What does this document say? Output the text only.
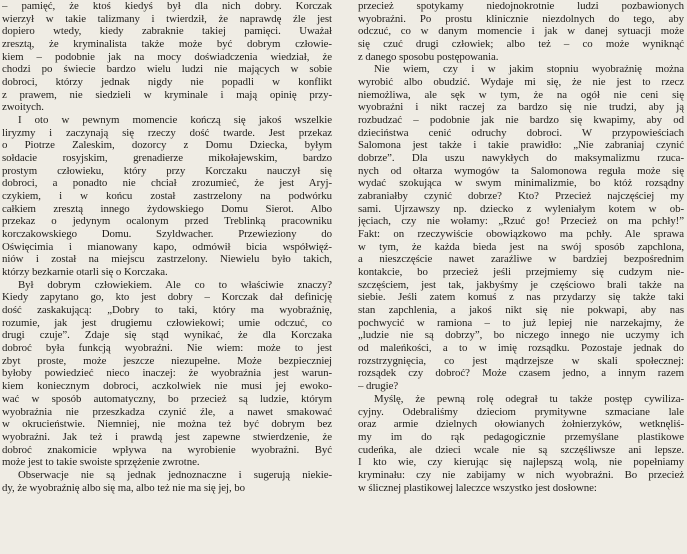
– pamięć, że ktoś kiedyś był dla nich dobry. Korczak
wierzył w takie talizmany i twierdził, że naprawdę źle jest
dopiero wtedy, kiedy zabraknie takiej pamięci. Uważał
zresztą, że kryminalista także może być dobrym człowie-
kiem – podobnie jak na mocy doświadczenia wiedział, że
chodzi po świecie bardzo wielu ludzi nie mających w sobie
dobroci, którzy jednak nigdy nie popadli w konflikt
z prawem, nie siedzieli w kryminale i mają opinię przy-
zwoitych.
I oto w pewnym momencie kończą się jakoś wszelkie
liryzmy i zaczynają się rzeczy dość twarde. Jest przekaz
o Piotrze Zaleskim, dozorcy z Domu Dziecka, byłym
sołdacie rosyjskim, grenadierze mikołajewskim, bardzo
prostym człowieku, który przy Korczaku nauczył się
dobroci, a ponadto nie chciał zrozumieć, że jest Aryj-
czykiem, i w końcu został zastrzelony na podwórku
całkiem zresztą innego żydowskiego Domu Sierot. Albo
przekaz o jedynym ocalonym przed Treblinką pracowniku
korczakowskiego Domu. Szyldwacher. Przewieziony do
Oświęcimia i mianowany kapo, odmówił bicia współwięź-
niów i został na miejscu zastrzelony. Niewielu było takich,
którzy bezkarnie otarli się o Korczaka.
Był dobrym człowiekiem. Ale co to właściwie znaczy?
Kiedy zapytano go, kto jest dobry – Korczak dał definicję
dość zaskakującą: „Dobry to taki, który ma wyobraźnię,
rozumie, jak jest drugiemu człowiekowi; umie odczuć, co
drugi czuje”. Zdaje się stąd wynikać, że dla Korczaka
dobroć była funkcją wyobraźni. Nie wiem: może to jest
zbyt proste, może jeszcze niezupełne. Może bezpieczniej
byłoby powiedzieć nieco inaczej: że wyobraźnia jest warun-
kiem koniecznym dobroci, aczkolwiek nie musi jej ewoko-
wać w sposób automatyczny, bo przecież są ludzie, którym
wyobraźnia nie przeszkadza czynić źle, a nawet smakować
w okrucieństwie. Niemniej, nie można też być dobrym bez
wyobraźni. Jak też i prawdą jest zapewne stwierdzenie, że
dobroć znakomicie wpływa na wyrobienie wyobraźni. Być
może jest to takie swoiste sprzężenie zwrotne.
Obserwacje nie są jednak jednoznaczne i sugerują niekie-
dy, że wyobraźnię albo się ma, albo też nie ma się jej, bo
przecież spotykamy niedojnokrotnie ludzi pozbawionych
wyobraźni. Po prostu klinicznie niezdolnych do tego, aby
odczuć, co w danym momencie i jak w danej sytuacji może
się czuć drugi człowiek; albo też – co może wyniknąć
z danego sposobu postępowania.
Nie wiem, czy i w jakim stopniu wyobraźnię można
wyrobić albo obudzić. Wydaje mi się, że nie jest to rzecz
niemożliwa, ale sęk w tym, że na ogół nie ceni się
wyobraźni i nikt raczej za bardzo się nie trudzi, aby ją
rozbudzać – podobnie jak nie bardzo się kwapimy, aby od
dzieciństwa cenić odruchy dobroci. W przypowieściach
Salomona jest także i takie prawidło: „Nie zabraniaj czynić
dobrze”. Dla uszu nawykłych do maksymalizmu rzuca-
nych od ołtarza wymogów ta Salomonowa reguła może się
wydać szokująca w swym minimalizmie, bo któż rozsądny
zabraniałby czynić dobrze? Kto? Przecież najczęściej my
sami. Ujrzawszy np. dziecko z wyleniałym kotem w ob-
jęciach, czy nie wołamy: „Rzuć go! Przecież on ma pchły!”
Fakt: on rzeczywiście obowiązkowo ma pchły. Ale sprawa
w tym, że każda bieda jest na swój sposób zapchlona,
a nieszczęście nawet zaraźliwe w bardziej bezpośrednim
kontakcie, bo przecież jeśli przejmiemy się cudzym nie-
szczęściem, jest tak, jakbyśmy je częściowo brali także na
siebie. Jeśli zatem komuś z nas przydarzy się także taki
stan zapchlenia, a jakoś nikt się nie pokwapi, aby nas
pochwycić w ramiona – to już lepiej nie narzekajmy, że
„ludzie nie są dobrzy”, bo niczego innego nie uczymy ich
od maleńkości, a to w imię rozsądku. Pozostaje jednak do
rozstrzygnięcia, co jest mądrzejsze w skali społecznej:
rozsądek czy dobroć? Może czasem jedno, a innym razem
– drugie?
Myślę, że pewną rolę odegrał tu także postęp cywiliza-
cyjny. Odebraliśmy dzieciom prymitywne szmaciane lale
oraz armie dzielnych ołowianych żołnierzyków, wetknęliś-
my im do rąk pedagogicznie przemyślane plastikowe
cudeńka, ale dzieci wcale nie są szczęśliwsze ani lepsze.
I kto wie, czy kierując się najlepszą wolą, nie popełniamy
kryminału: czy nie zabijamy w nich wyobraźni. Bo przecież
w ślicznej plastikowej laleczce wszystko jest dosłowne:
